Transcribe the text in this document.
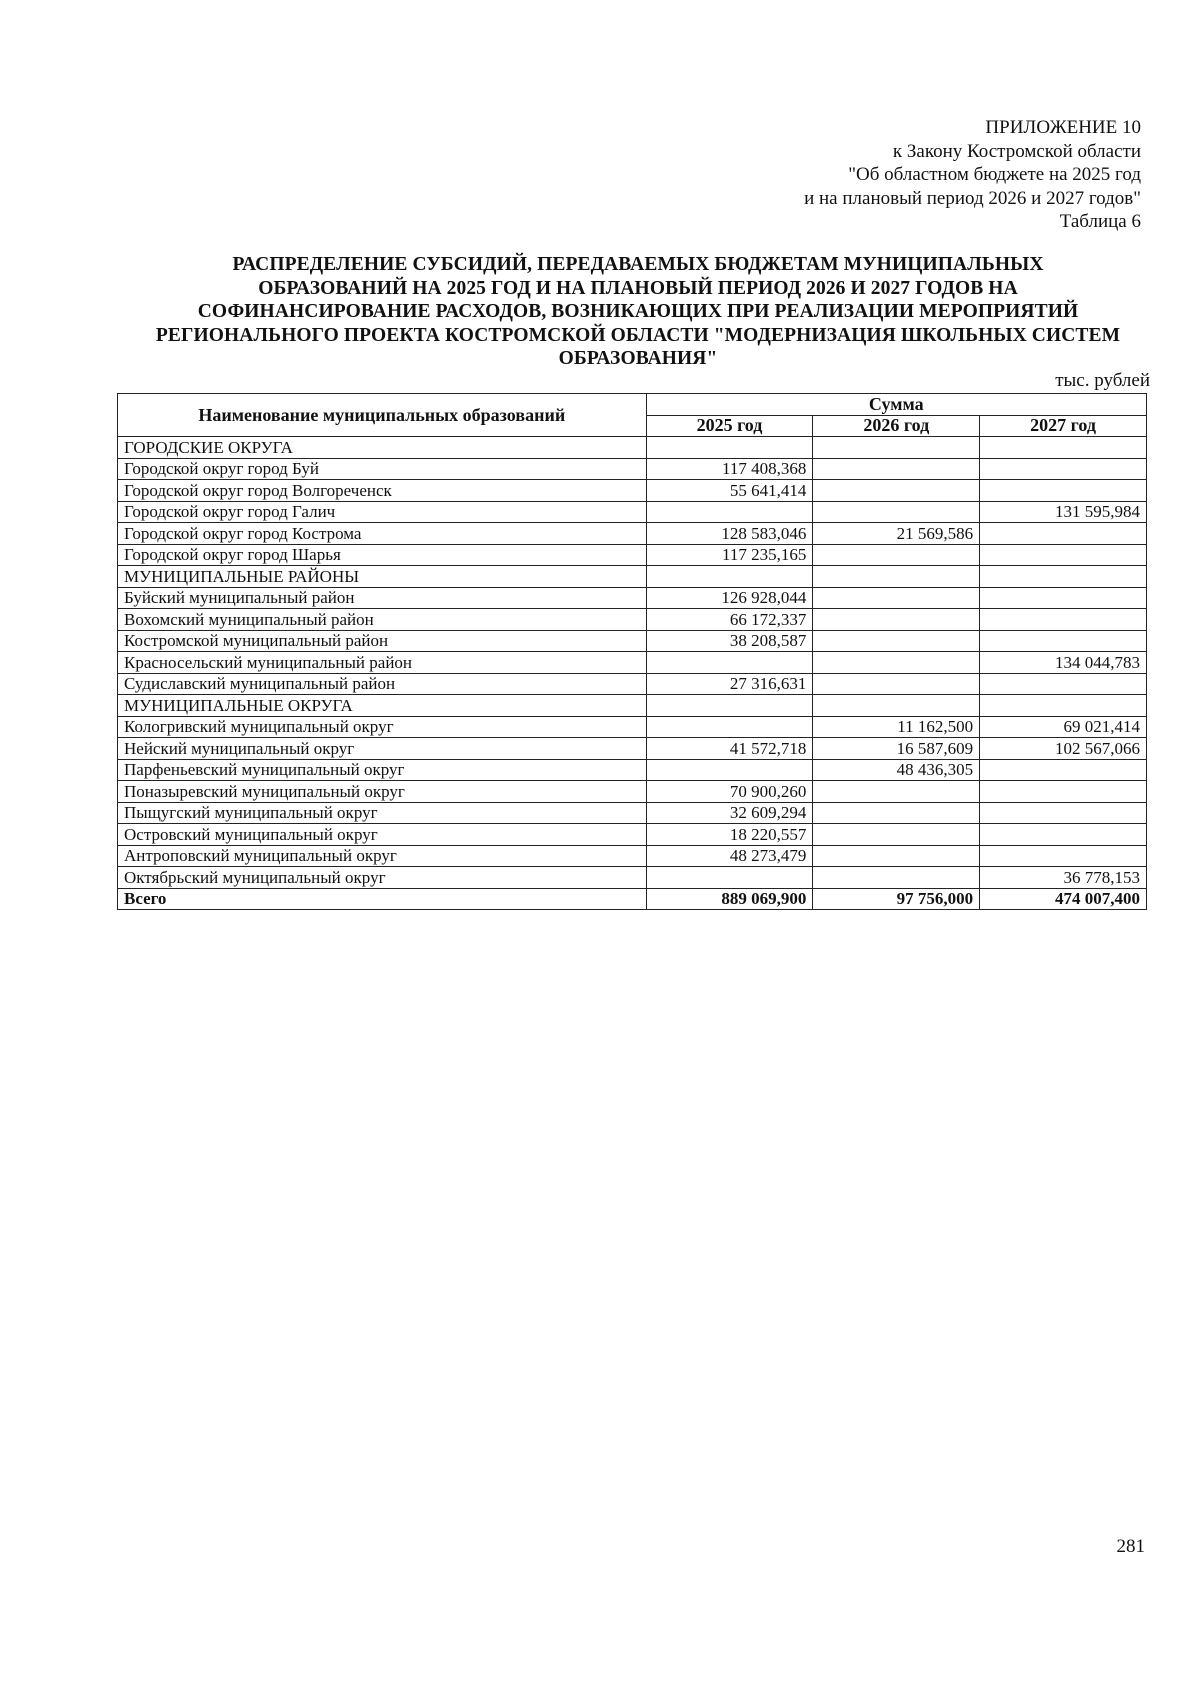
ПРИЛОЖЕНИЕ 10
к Закону Костромской области
"Об областном бюджете на 2025 год
и на плановый период 2026 и 2027 годов"
Таблица 6
РАСПРЕДЕЛЕНИЕ СУБСИДИЙ, ПЕРЕДАВАЕМЫХ БЮДЖЕТАМ МУНИЦИПАЛЬНЫХ
ОБРАЗОВАНИЙ НА 2025 ГОД И НА ПЛАНОВЫЙ ПЕРИОД 2026 И 2027 ГОДОВ НА
СОФИНАНСИРОВАНИЕ РАСХОДОВ, ВОЗНИКАЮЩИХ ПРИ РЕАЛИЗАЦИИ МЕРОПРИЯТИЙ
РЕГИОНАЛЬНОГО ПРОЕКТА КОСТРОМСКОЙ ОБЛАСТИ "МОДЕРНИЗАЦИЯ ШКОЛЬНЫХ СИСТЕМ
ОБРАЗОВАНИЯ"
тыс. рублей
Наименование муниципальных образований	Сумма		
	2025 год	2026 год	2027 год
ГОРОДСКИЕ ОКРУГА			
Городской округ город Буй	117 408,368		
Городской округ город Волгореченск	55 641,414		
Городской округ город Галич			131 595,984
Городской округ город Кострома	128 583,046	21 569,586	
Городской округ город Шарья	117 235,165		
МУНИЦИПАЛЬНЫЕ РАЙОНЫ			
Буйский муниципальный район	126 928,044		
Вохомский муниципальный район	66 172,337		
Костромской муниципальный район	38 208,587		
Красносельский муниципальный район			134 044,783
Судиславский муниципальный район	27 316,631		
МУНИЦИПАЛЬНЫЕ ОКРУГА			
Кологривский муниципальный округ		11 162,500	69 021,414
Нейский муниципальный округ	41 572,718	16 587,609	102 567,066
Парфеньевский муниципальный округ		48 436,305	
Поназыревский муниципальный округ	70 900,260		
Пыщугский муниципальный округ	32 609,294		
Островский муниципальный округ	18 220,557		
Антроповский муниципальный округ	48 273,479		
Октябрьский муниципальный округ			36 778,153
Всего	889 069,900	97 756,000	474 007,400
281
